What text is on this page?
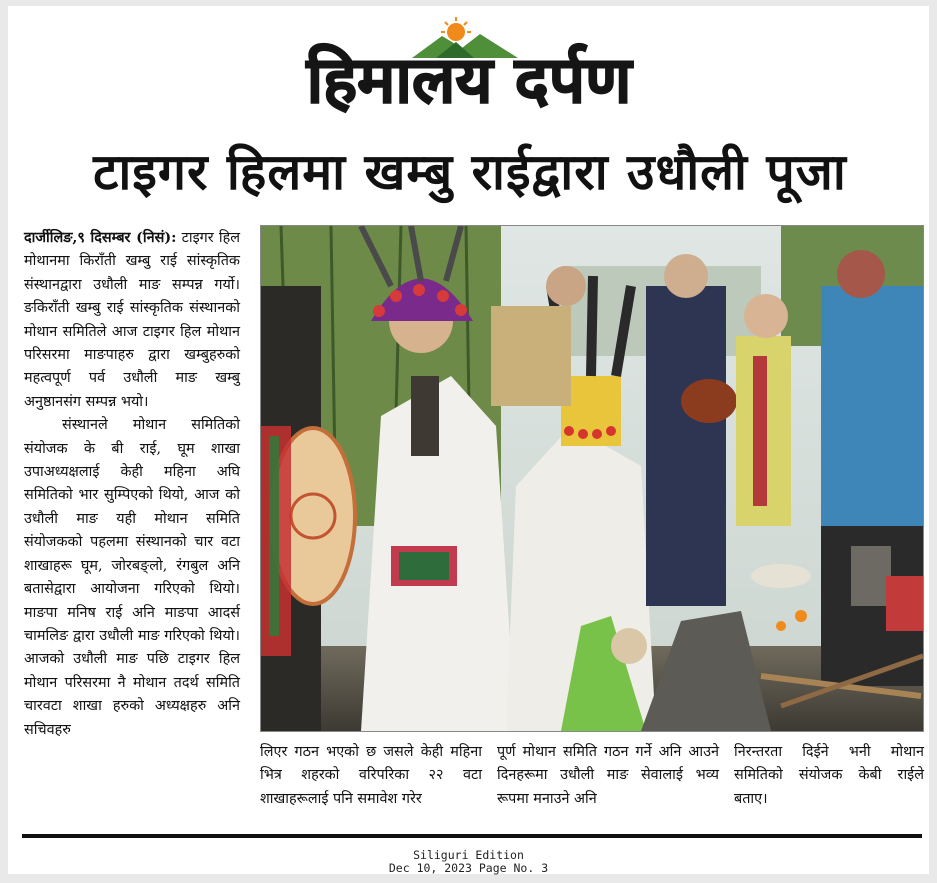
हिमालय दर्पण
टाइगर हिलमा खम्बु राईद्वारा उधौली पूजा

दार्जीलिङ,९ दिसम्बर (निसं): टाइगर हिल मोथानमा किराँती खम्बु राई सांस्कृतिक संस्थानद्वारा उधौली माङ सम्पन्न गर्यो।ङकिराँती खम्बु राई सांस्कृतिक संस्थानको मोथान समितिले आज टाइगर हिल मोथान परिसरमा माङपाहरु द्वारा खम्बुहरुको महत्वपूर्ण पर्व उधौली माङ खम्बु अनुष्ठानसंग सम्पन्न भयो।

संस्थानले मोथान समितिको संयोजक के बी राई, घूम शाखा उपाअध्यक्षलाई केही महिना अघि समितिको भार सुम्पिएको थियो, आज को उधौली माङ यही मोथान समिति संयोजकको पहलमा संस्थानको चार वटा शाखाहरू घूम, जोरबङ्लो, रंगबुल अनि बतासेद्वारा आयोजना गरिएको थियो। माङपा मनिष राई अनि माङपा आदर्स चामलिङ द्वारा उधौली माङ गरिएको थियो। आजको उधौली माङ पछि टाइगर हिल मोथान परिसरमा नै मोथान तदर्थ समिति चारवटा शाखा हरुको अध्यक्षहरु अनि सचिवहरु

लिएर गठन भएको छ जसले केही महिना भित्र शहरको वरिपरिका २२ वटा शाखाहरूलाई पनि समावेश गरेर
पूर्ण मोथान समिति गठन गर्ने अनि आउने दिनहरूमा उधौली माङ सेवालाई भव्य रूपमा मनाउने अनि
निरन्तरता दिईने भनी मोथान समितिको संयोजक केबी राईले बताए।
Siliguri Edition
Dec 10, 2023 Page No. 3
